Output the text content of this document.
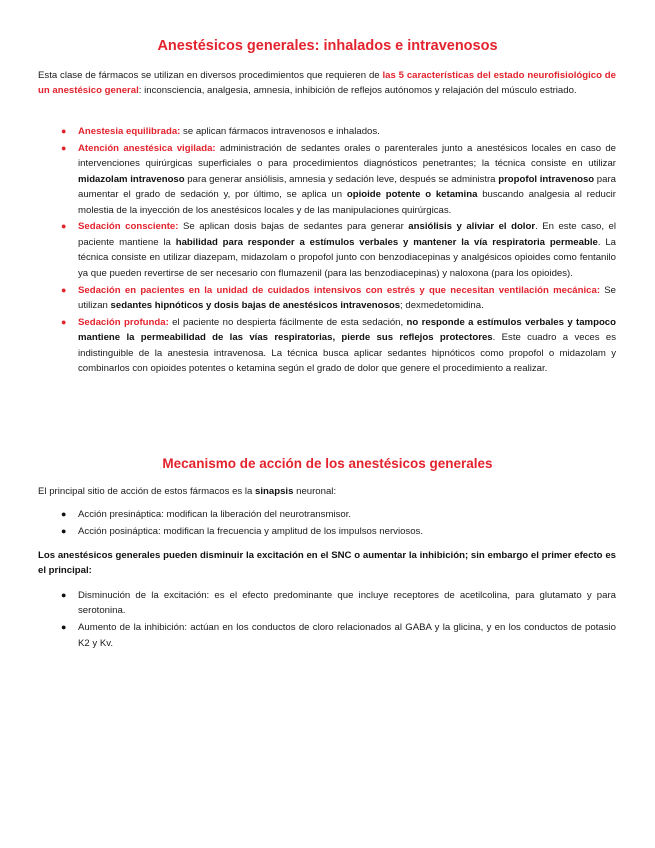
Anestésicos generales: inhalados e intravenosos

Esta clase de fármacos se utilizan en diversos procedimientos que requieren de las 5 características del estado neurofisiológico de un anestésico general: inconsciencia, analgesia, amnesia, inhibición de reflejos autónomos y relajación del músculo estriado.

● Anestesia equilibrada: se aplican fármacos intravenosos e inhalados.
● Atención anestésica vigilada: administración de sedantes orales o parenterales junto a anestésicos locales en caso de intervenciones quirúrgicas superficiales o para procedimientos diagnósticos penetrantes; la técnica consiste en utilizar midazolam intravenoso para generar ansiólisis, amnesia y sedación leve, después se administra propofol intravenoso para aumentar el grado de sedación y, por último, se aplica un opioide potente o ketamina buscando analgesia al reducir molestia de la inyección de los anestésicos locales y de las manipulaciones quirúrgicas.
● Sedación consciente: Se aplican dosis bajas de sedantes para generar ansiólisis y aliviar el dolor. En este caso, el paciente mantiene la habilidad para responder a estímulos verbales y mantener la vía respiratoria permeable. La técnica consiste en utilizar diazepam, midazolam o propofol junto con benzodiacepinas y analgésicos opioides como fentanilo ya que pueden revertirse de ser necesario con flumazenil (para las benzodiacepinas) y naloxona (para los opioides).
● Sedación en pacientes en la unidad de cuidados intensivos con estrés y que necesitan ventilación mecánica: Se utilizan sedantes hipnóticos y dosis bajas de anestésicos intravenosos; dexmedetomidina.
● Sedación profunda: el paciente no despierta fácilmente de esta sedación, no responde a estímulos verbales y tampoco mantiene la permeabilidad de las vías respiratorias, pierde sus reflejos protectores. Este cuadro a veces es indistinguible de la anestesia intravenosa. La técnica busca aplicar sedantes hipnóticos como propofol o midazolam y combinarlos con opioides potentes o ketamina según el grado de dolor que genere el procedimiento a realizar.
Mecanismo de acción de los anestésicos generales

El principal sitio de acción de estos fármacos es la sinapsis neuronal:

● Acción presináptica: modifican la liberación del neurotransmisor.
● Acción posináptica: modifican la frecuencia y amplitud de los impulsos nerviosos.

Los anestésicos generales pueden disminuir la excitación en el SNC o aumentar la inhibición; sin embargo el primer efecto es el principal:

● Disminución de la excitación: es el efecto predominante que incluye receptores de acetilcolina, para glutamato y para serotonina.
● Aumento de la inhibición: actúan en los conductos de cloro relacionados al GABA y la glicina, y en los conductos de potasio K2 y Kv.
